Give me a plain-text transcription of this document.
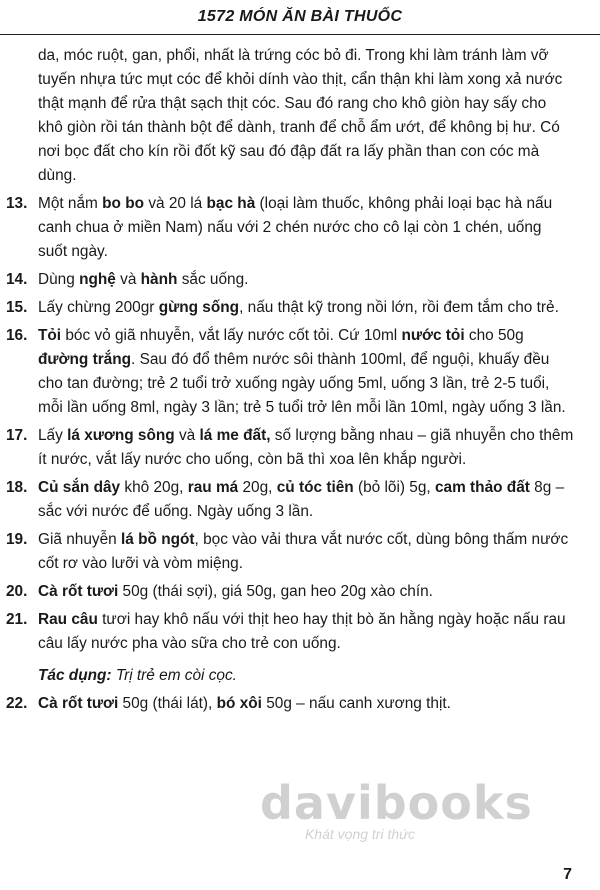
1572 MÓN ĂN BÀI THUỐC
da, móc ruột, gan, phổi, nhất là trứng cóc bỏ đi. Trong khi làm tránh làm vỡ tuyến nhựa tức mụt cóc để khỏi dính vào thịt, cẩn thận khi làm xong xả nước thật mạnh để rửa thật sạch thịt cóc. Sau đó rang cho khô giòn hay sấy cho khô giòn rồi tán thành bột để dành, tranh để chỗ ẩm ướt, để không bị hư. Có nơi bọc đất cho kín rồi đốt kỹ sau đó đập đất ra lấy phần than con cóc mà dùng.
13. Một nắm bo bo và 20 lá bạc hà (loại làm thuốc, không phải loại bạc hà nấu canh chua ở miền Nam) nấu với 2 chén nước cho cô lại còn 1 chén, uống suốt ngày.
14. Dùng nghệ và hành sắc uống.
15. Lấy chừng 200gr gừng sống, nấu thật kỹ trong nồi lớn, rồi đem tắm cho trẻ.
16. Tỏi bóc vỏ giã nhuyễn, vắt lấy nước cốt tỏi. Cứ 10ml nước tỏi cho 50g đường trắng. Sau đó đổ thêm nước sôi thành 100ml, để nguội, khuấy đều cho tan đường; trẻ 2 tuổi trở xuống ngày uống 5ml, uống 3 lần, trẻ 2-5 tuổi, mỗi lần uống 8ml, ngày 3 lần; trẻ 5 tuổi trở lên mỗi lần 10ml, ngày uống 3 lần.
17. Lấy lá xương sông và lá me đất, số lượng bằng nhau – giã nhuyễn cho thêm ít nước, vắt lấy nước cho uống, còn bã thì xoa lên khắp người.
18. Củ sắn dây khô 20g, rau má 20g, củ tóc tiên (bỏ lõi) 5g, cam thảo đất 8g – sắc với nước để uống. Ngày uống 3 lần.
19. Giã nhuyễn lá bồ ngót, bọc vào vải thưa vắt nước cốt, dùng bông thấm nước cốt rơ vào lưỡi và vòm miệng.
20. Cà rốt tươi 50g (thái sợi), giá 50g, gan heo 20g xào chín.
21. Rau câu tươi hay khô nấu với thịt heo hay thịt bò ăn hằng ngày hoặc nấu rau câu lấy nước pha vào sữa cho trẻ con uống.
Tác dụng: Trị trẻ em còi cọc.
22. Cà rốt tươi 50g (thái lát), bó xôi 50g – nấu canh xương thịt.
davibooks
Khát vọng tri thức
7
